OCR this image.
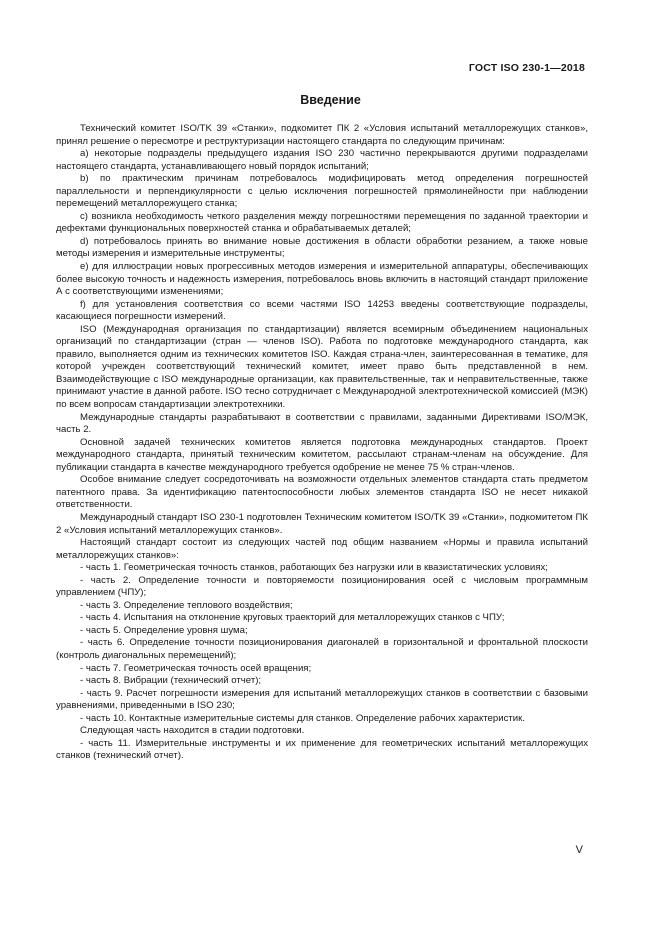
ГОСТ ISO 230-1—2018
Введение

Технический комитет ISO/TK 39 «Станки», подкомитет ПК 2 «Условия испытаний металлорежущих станков», принял решение о пересмотре и реструктуризации настоящего стандарта по следующим причинам:

a) некоторые подразделы предыдущего издания ISO 230 частично перекрываются другими подразделами настоящего стандарта, устанавливающего новый порядок испытаний;

b) по практическим причинам потребовалось модифицировать метод определения погрешностей параллельности и перпендикулярности с целью исключения погрешностей прямолинейности при наблюдении перемещений металлорежущего станка;

c) возникла необходимость четкого разделения между погрешностями перемещения по заданной траектории и дефектами функциональных поверхностей станка и обрабатываемых деталей;

d) потребовалось принять во внимание новые достижения в области обработки резанием, а также новые методы измерения и измерительные инструменты;

e) для иллюстрации новых прогрессивных методов измерения и измерительной аппаратуры, обеспечивающих более высокую точность и надежность измерения, потребовалось вновь включить в настоящий стандарт приложение А с соответствующими изменениями;

f) для установления соответствия со всеми частями ISO 14253 введены соответствующие подразделы, касающиеся погрешности измерений.

ISO (Международная организация по стандартизации) является всемирным объединением национальных организаций по стандартизации (стран — членов ISO). Работа по подготовке международного стандарта, как правило, выполняется одним из технических комитетов ISO. Каждая страна-член, заинтересованная в тематике, для которой учрежден соответствующий технический комитет, имеет право быть представленной в нем. Взаимодействующие с ISO международные организации, как правительственные, так и неправительственные, также принимают участие в данной работе. ISO тесно сотрудничает с Международной электротехнической комиссией (МЭК) по всем вопросам стандартизации электротехники.

Международные стандарты разрабатывают в соответствии с правилами, заданными Директивами ISO/МЭК, часть 2.

Основной задачей технических комитетов является подготовка международных стандартов. Проект международного стандарта, принятый техническим комитетом, рассылают странам-членам на обсуждение. Для публикации стандарта в качестве международного требуется одобрение не менее 75 % стран-членов.

Особое внимание следует сосредоточивать на возможности отдельных элементов стандарта стать предметом патентного права. За идентификацию патентоспособности любых элементов стандарта ISO не несет никакой ответственности.

Международный стандарт ISO 230-1 подготовлен Техническим комитетом ISO/TK 39 «Станки», подкомитетом ПК 2 «Условия испытаний металлорежущих станков».

Настоящий стандарт состоит из следующих частей под общим названием «Нормы и правила испытаний металлорежущих станков»:

- часть 1. Геометрическая точность станков, работающих без нагрузки или в квазистатических условиях;

- часть 2. Определение точности и повторяемости позиционирования осей с числовым программным управлением (ЧПУ);

- часть 3. Определение теплового воздействия;

- часть 4. Испытания на отклонение круговых траекторий для металлорежущих станков с ЧПУ;

- часть 5. Определение уровня шума;

- часть 6. Определение точности позиционирования диагоналей в горизонтальной и фронтальной плоскости (контроль диагональных перемещений);

- часть 7. Геометрическая точность осей вращения;

- часть 8. Вибрации (технический отчет);

- часть 9. Расчет погрешности измерения для испытаний металлорежущих станков в соответствии с базовыми уравнениями, приведенными в ISO 230;

- часть 10. Контактные измерительные системы для станков. Определение рабочих характеристик.

Следующая часть находится в стадии подготовки.

- часть 11. Измерительные инструменты и их применение для геометрических испытаний металлорежущих станков (технический отчет).

V
